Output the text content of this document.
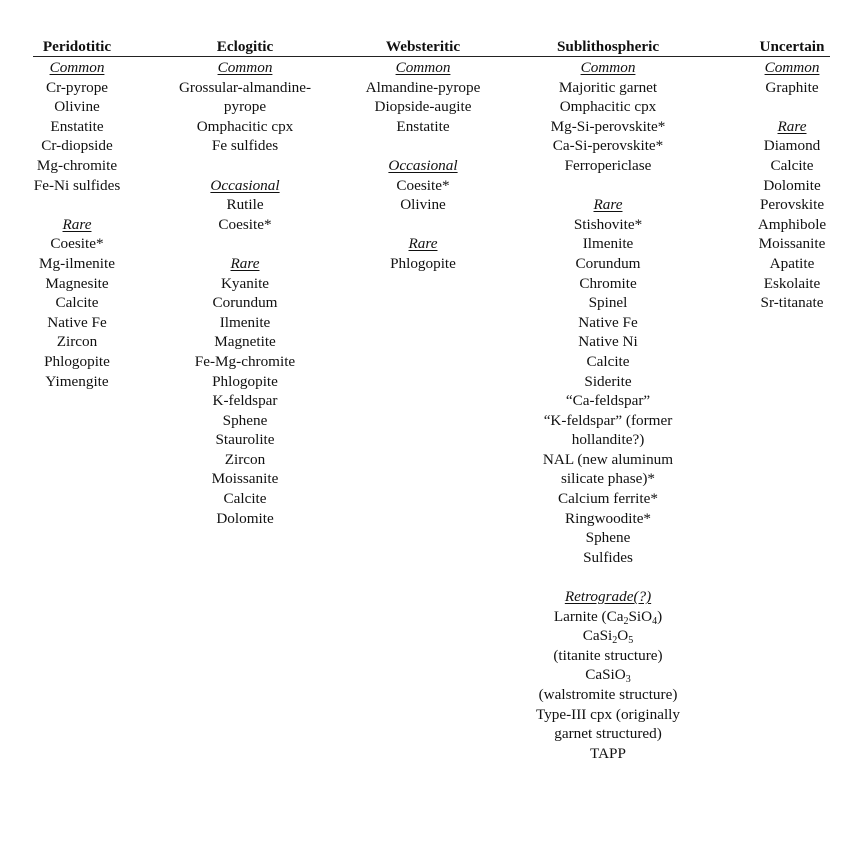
Peridotitic
Common
Cr-pyrope
Olivine
Enstatite
Cr-diopside
Mg-chromite
Fe-Ni sulfides
Rare
Coesite*
Mg-ilmenite
Magnesite
Calcite
Native Fe
Zircon
Phlogopite
Yimengite
Eclogitic
Common
Grossular-almandine-
pyrope
Omphacitic cpx
Fe sulfides
Occasional
Rutile
Coesite*
Rare
Kyanite
Corundum
Ilmenite
Magnetite
Fe-Mg-chromite
Phlogopite
K-feldspar
Sphene
Staurolite
Zircon
Moissanite
Calcite
Dolomite
Websteritic
Common
Almandine-pyrope
Diopside-augite
Enstatite
Occasional
Coesite*
Olivine
Rare
Phlogopite
Sublithospheric
Common
Majoritic garnet
Omphacitic cpx
Mg-Si-perovskite*
Ca-Si-perovskite*
Ferropericlase
Rare
Stishovite*
Ilmenite
Corundum
Chromite
Spinel
Native Fe
Native Ni
Calcite
Siderite
“Ca-feldspar”
“K-feldspar” (former
hollandite?)
NAL (new aluminum
silicate phase)*
Calcium ferrite*
Ringwoodite*
Sphene
Sulfides
Retrograde(?)
Larnite $(Ca_2SiO_4)$
$CaSi_2O_5$
(titanite structure)
CaSiO$_3$
(walstromite structure)
Type-III cpx (originally
garnet structured)
TAPP
Uncertain
Common
Graphite
Rare
Diamond
Calcite
Dolomite
Perovskite
Amphibole
Moissanite
Apatite
Eskolaite
Sr-titanate
